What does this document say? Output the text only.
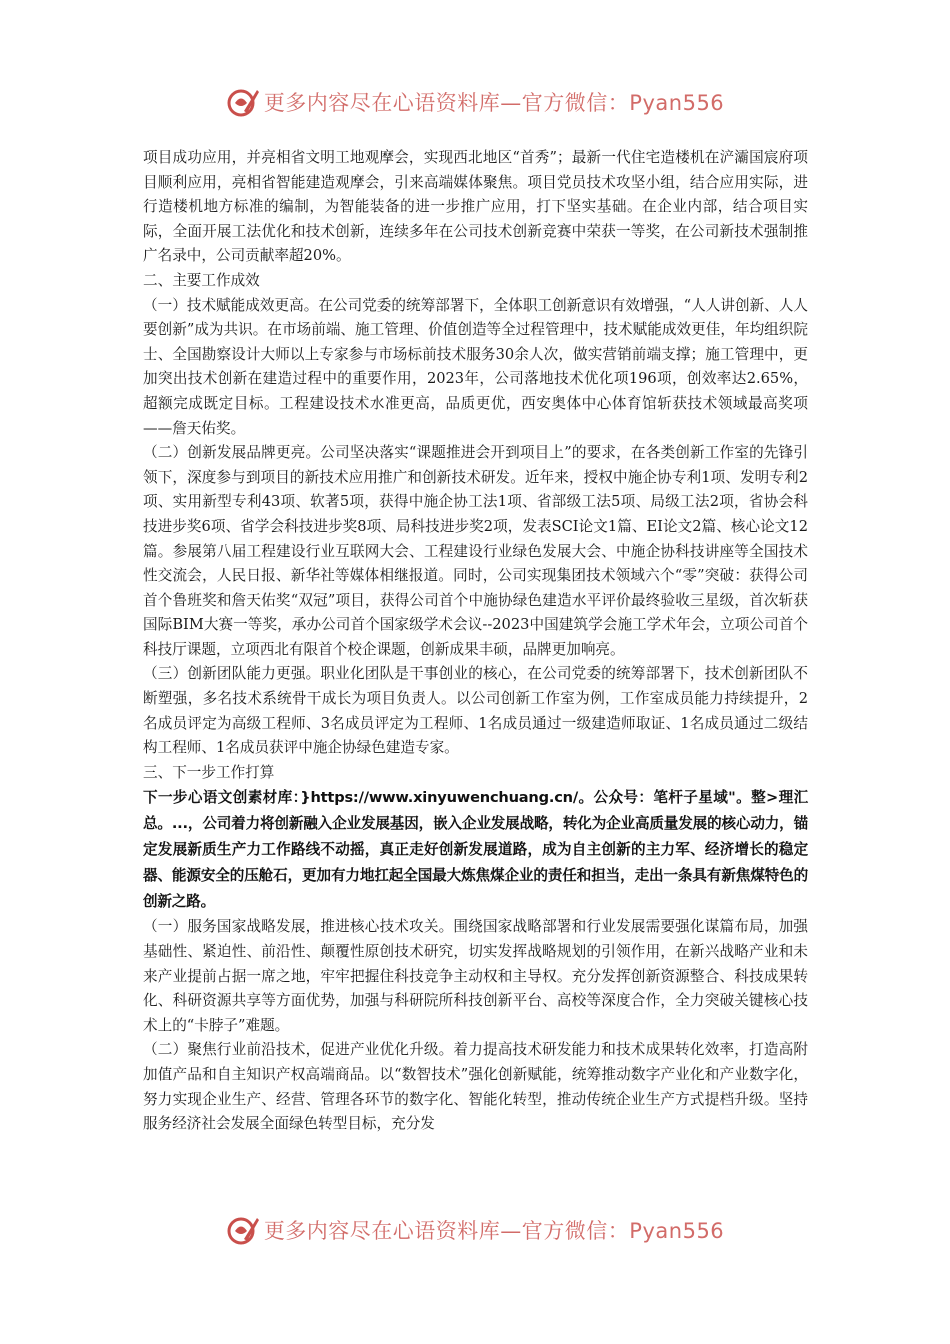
更多内容尽在心语资料库—官方微信：Pyan556

项目成功应用，并亮相省文明工地观摩会，实现西北地区“首秀”；最新一代住宅造楼机在浐灞国宸府项目顺利应用，亮相省智能建造观摩会，引来高端媒体聚焦。项目党员技术攻坚小组，结合应用实际，进行造楼机地方标准的编制，为智能装备的进一步推广应用，打下坚实基础。在企业内部，结合项目实际，全面开展工法优化和技术创新，连续多年在公司技术创新竞赛中荣获一等奖，在公司新技术强制推广名录中，公司贡献率超20%。

二、主要工作成效

（一）技术赋能成效更高。在公司党委的统筹部署下，全体职工创新意识有效增强，“人人讲创新、人人要创新”成为共识。在市场前端、施工管理、价值创造等全过程管理中，技术赋能成效更佳，年均组织院士、全国勘察设计大师以上专家参与市场标前技术服务30余人次，做实营销前端支撑；施工管理中，更加突出技术创新在建造过程中的重要作用，2023年，公司落地技术优化项196项，创效率达2.65%，超额完成既定目标。工程建设技术水准更高，品质更优，西安奥体中心体育馆斩获技术领域最高奖项——詹天佑奖。

（二）创新发展品牌更亮。公司坚决落实“课题推进会开到项目上”的要求，在各类创新工作室的先锋引领下，深度参与到项目的新技术应用推广和创新技术研发。近年来，授权中施企协专利1项、发明专利2项、实用新型专利43项、软著5项，获得中施企协工法1项、省部级工法5项、局级工法2项，省协会科技进步奖6项、省学会科技进步奖8项、局科技进步奖2项，发表SCI论文1篇、EI论文2篇、核心论文12篇。参展第八届工程建设行业互联网大会、工程建设行业绿色发展大会、中施企协科技讲座等全国技术性交流会，人民日报、新华社等媒体相继报道。同时，公司实现集团技术领域六个“零”突破：获得公司首个鲁班奖和詹天佑奖“双冠”项目，获得公司首个中施协绿色建造水平评价最终验收三星级，首次斩获国际BIM大赛一等奖，承办公司首个国家级学术会议--2023中国建筑学会施工学术年会，立项公司首个科技厅课题，立项西北有限首个校企课题，创新成果丰硕，品牌更加响亮。

（三）创新团队能力更强。职业化团队是干事创业的核心，在公司党委的统筹部署下，技术创新团队不断塑强，多名技术系统骨干成长为项目负责人。以公司创新工作室为例，工作室成员能力持续提升，2名成员评定为高级工程师、3名成员评定为工程师、1名成员通过一级建造师取证、1名成员通过二级结构工程师、1名成员获评中施企协绿色建造专家。

三、下一步工作打算

下一步心语文创素材库：}https://www.xinyuwenchuang.cn/。公众号：笔杆子星域"。整>理汇总。...，公司着力将创新融入企业发展基因，嵌入企业发展战略，转化为企业高质量发展的核心动力，锚定发展新质生产力工作路线不动摇，真正走好创新发展道路，成为自主创新的主力军、经济增长的稳定器、能源安全的压舱石，更加有力地扛起全国最大炼焦煤企业的责任和担当，走出一条具有新焦煤特色的创新之路。

（一）服务国家战略发展，推进核心技术攻关。围绕国家战略部署和行业发展需要强化谋篇布局，加强基础性、紧迫性、前沿性、颠覆性原创技术研究，切实发挥战略规划的引领作用，在新兴战略产业和未来产业提前占据一席之地，牢牢把握住科技竞争主动权和主导权。充分发挥创新资源整合、科技成果转化、科研资源共享等方面优势，加强与科研院所科技创新平台、高校等深度合作，全力突破关键核心技术上的“卡脖子”难题。

（二）聚焦行业前沿技术，促进产业优化升级。着力提高技术研发能力和技术成果转化效率，打造高附加值产品和自主知识产权高端商品。以“数智技术”强化创新赋能，统筹推动数字产业化和产业数字化，努力实现企业生产、经营、管理各环节的数字化、智能化转型，推动传统企业生产方式提档升级。坚持服务经济社会发展全面绿色转型目标，充分发

更多内容尽在心语资料库—官方微信：Pyan556
